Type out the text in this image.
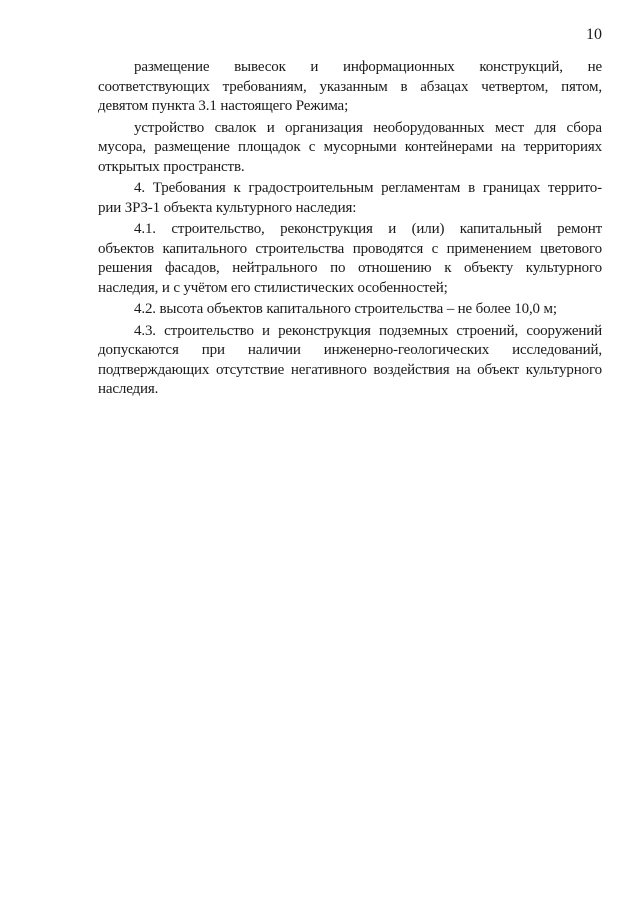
10
размещение вывесок и информационных конструкций, не
соответствующих требованиям, указанным в абзацах четвертом, пятом,
девятом пункта 3.1 настоящего Режима;
устройство свалок и организация необорудованных мест для сбора
мусора, размещение площадок с мусорными контейнерами на территориях
открытых пространств.
4. Требования к градостроительным регламентам в границах террито-
рии ЗРЗ-1 объекта культурного наследия:
4.1. строительство, реконструкция и (или) капитальный ремонт
объектов капитального строительства проводятся с применением цветового
решения фасадов, нейтрального по отношению к объекту культурного
наследия, и с учётом его стилистических особенностей;
4.2. высота объектов капитального строительства – не более 10,0 м;
4.3. строительство и реконструкция подземных строений, сооружений
допускаются при наличии инженерно-геологических исследований,
подтверждающих отсутствие негативного воздействия на объект культурного
наследия.
